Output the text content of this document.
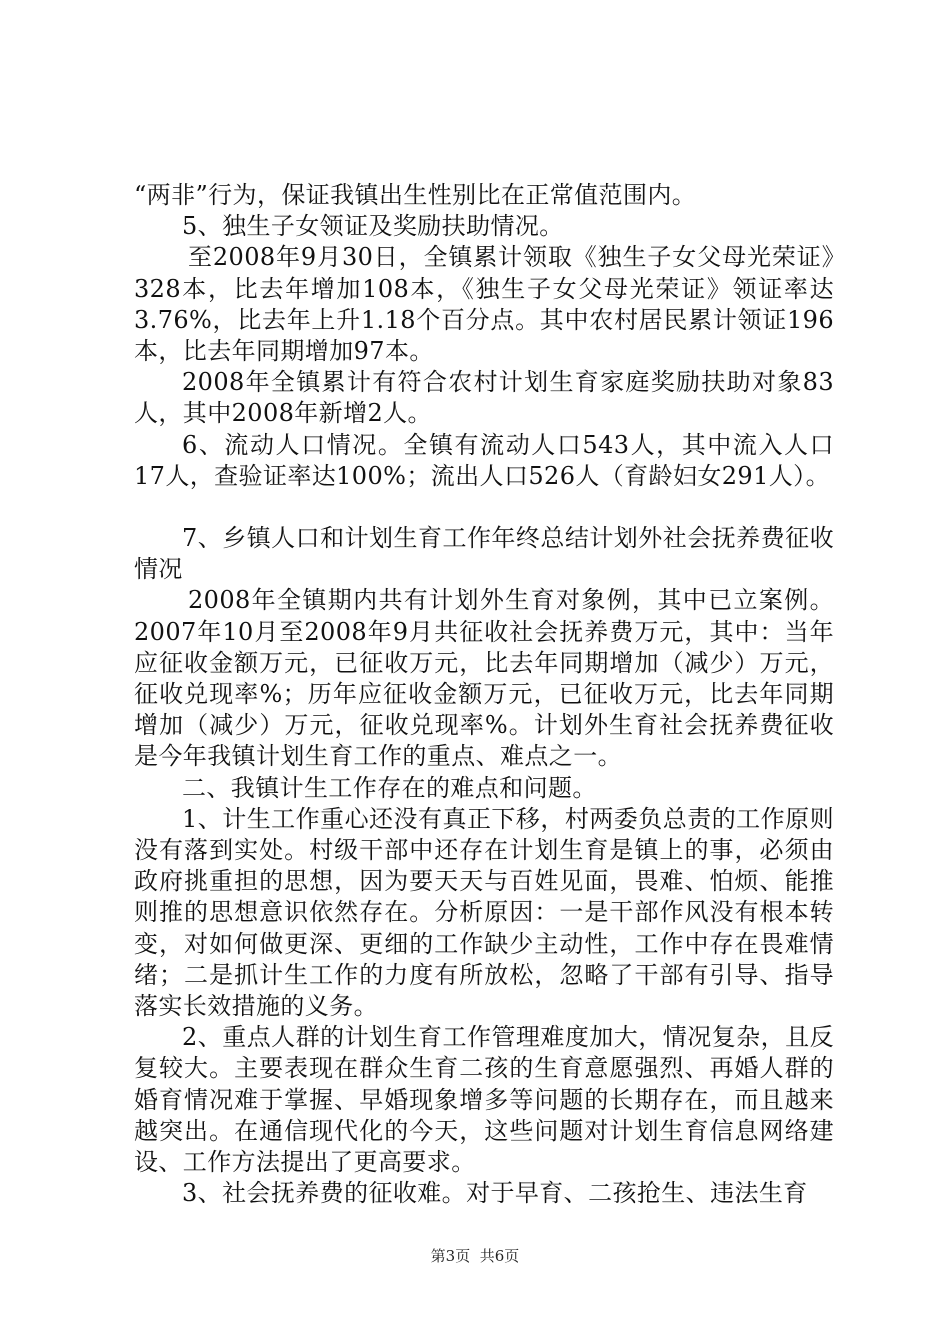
“两非”行为，保证我镇出生性别比在正常值范围内。

5、独生子女领证及奖励扶助情况。

至2008年9月30日，全镇累计领取《独生子女父母光荣证》328本，比去年增加108本，《独生子女父母光荣证》领证率达3.76%，比去年上升1.18个百分点。其中农村居民累计领证196本，比去年同期增加97本。

2008年全镇累计有符合农村计划生育家庭奖励扶助对象83人，其中2008年新增2人。

6、流动人口情况。全镇有流动人口543人，其中流入人口17人，查验证率达100%；流出人口526人（育龄妇女291人）。

7、乡镇人口和计划生育工作年终总结计划外社会抚养费征收情况

2008年全镇期内共有计划外生育对象例，其中已立案例。2007年10月至2008年9月共征收社会抚养费万元，其中：当年应征收金额万元，已征收万元，比去年同期增加（减少）万元，征收兑现率%；历年应征收金额万元，已征收万元，比去年同期增加（减少）万元，征收兑现率%。计划外生育社会抚养费征收是今年我镇计划生育工作的重点、难点之一。

二、我镇计生工作存在的难点和问题。

1、计生工作重心还没有真正下移，村两委负总责的工作原则没有落到实处。村级干部中还存在计划生育是镇上的事，必须由政府挑重担的思想，因为要天天与百姓见面，畏难、怕烦、能推则推的思想意识依然存在。分析原因：一是干部作风没有根本转变，对如何做更深、更细的工作缺少主动性，工作中存在畏难情绪；二是抓计生工作的力度有所放松，忽略了干部有引导、指导落实长效措施的义务。

2、重点人群的计划生育工作管理难度加大，情况复杂，且反复较大。主要表现在群众生育二孩的生育意愿强烈、再婚人群的婚育情况难于掌握、早婚现象增多等问题的长期存在，而且越来越突出。在通信现代化的今天，这些问题对计划生育信息网络建设、工作方法提出了更高要求。

3、社会抚养费的征收难。对于早育、二孩抢生、违法生育

第3页 共6页
